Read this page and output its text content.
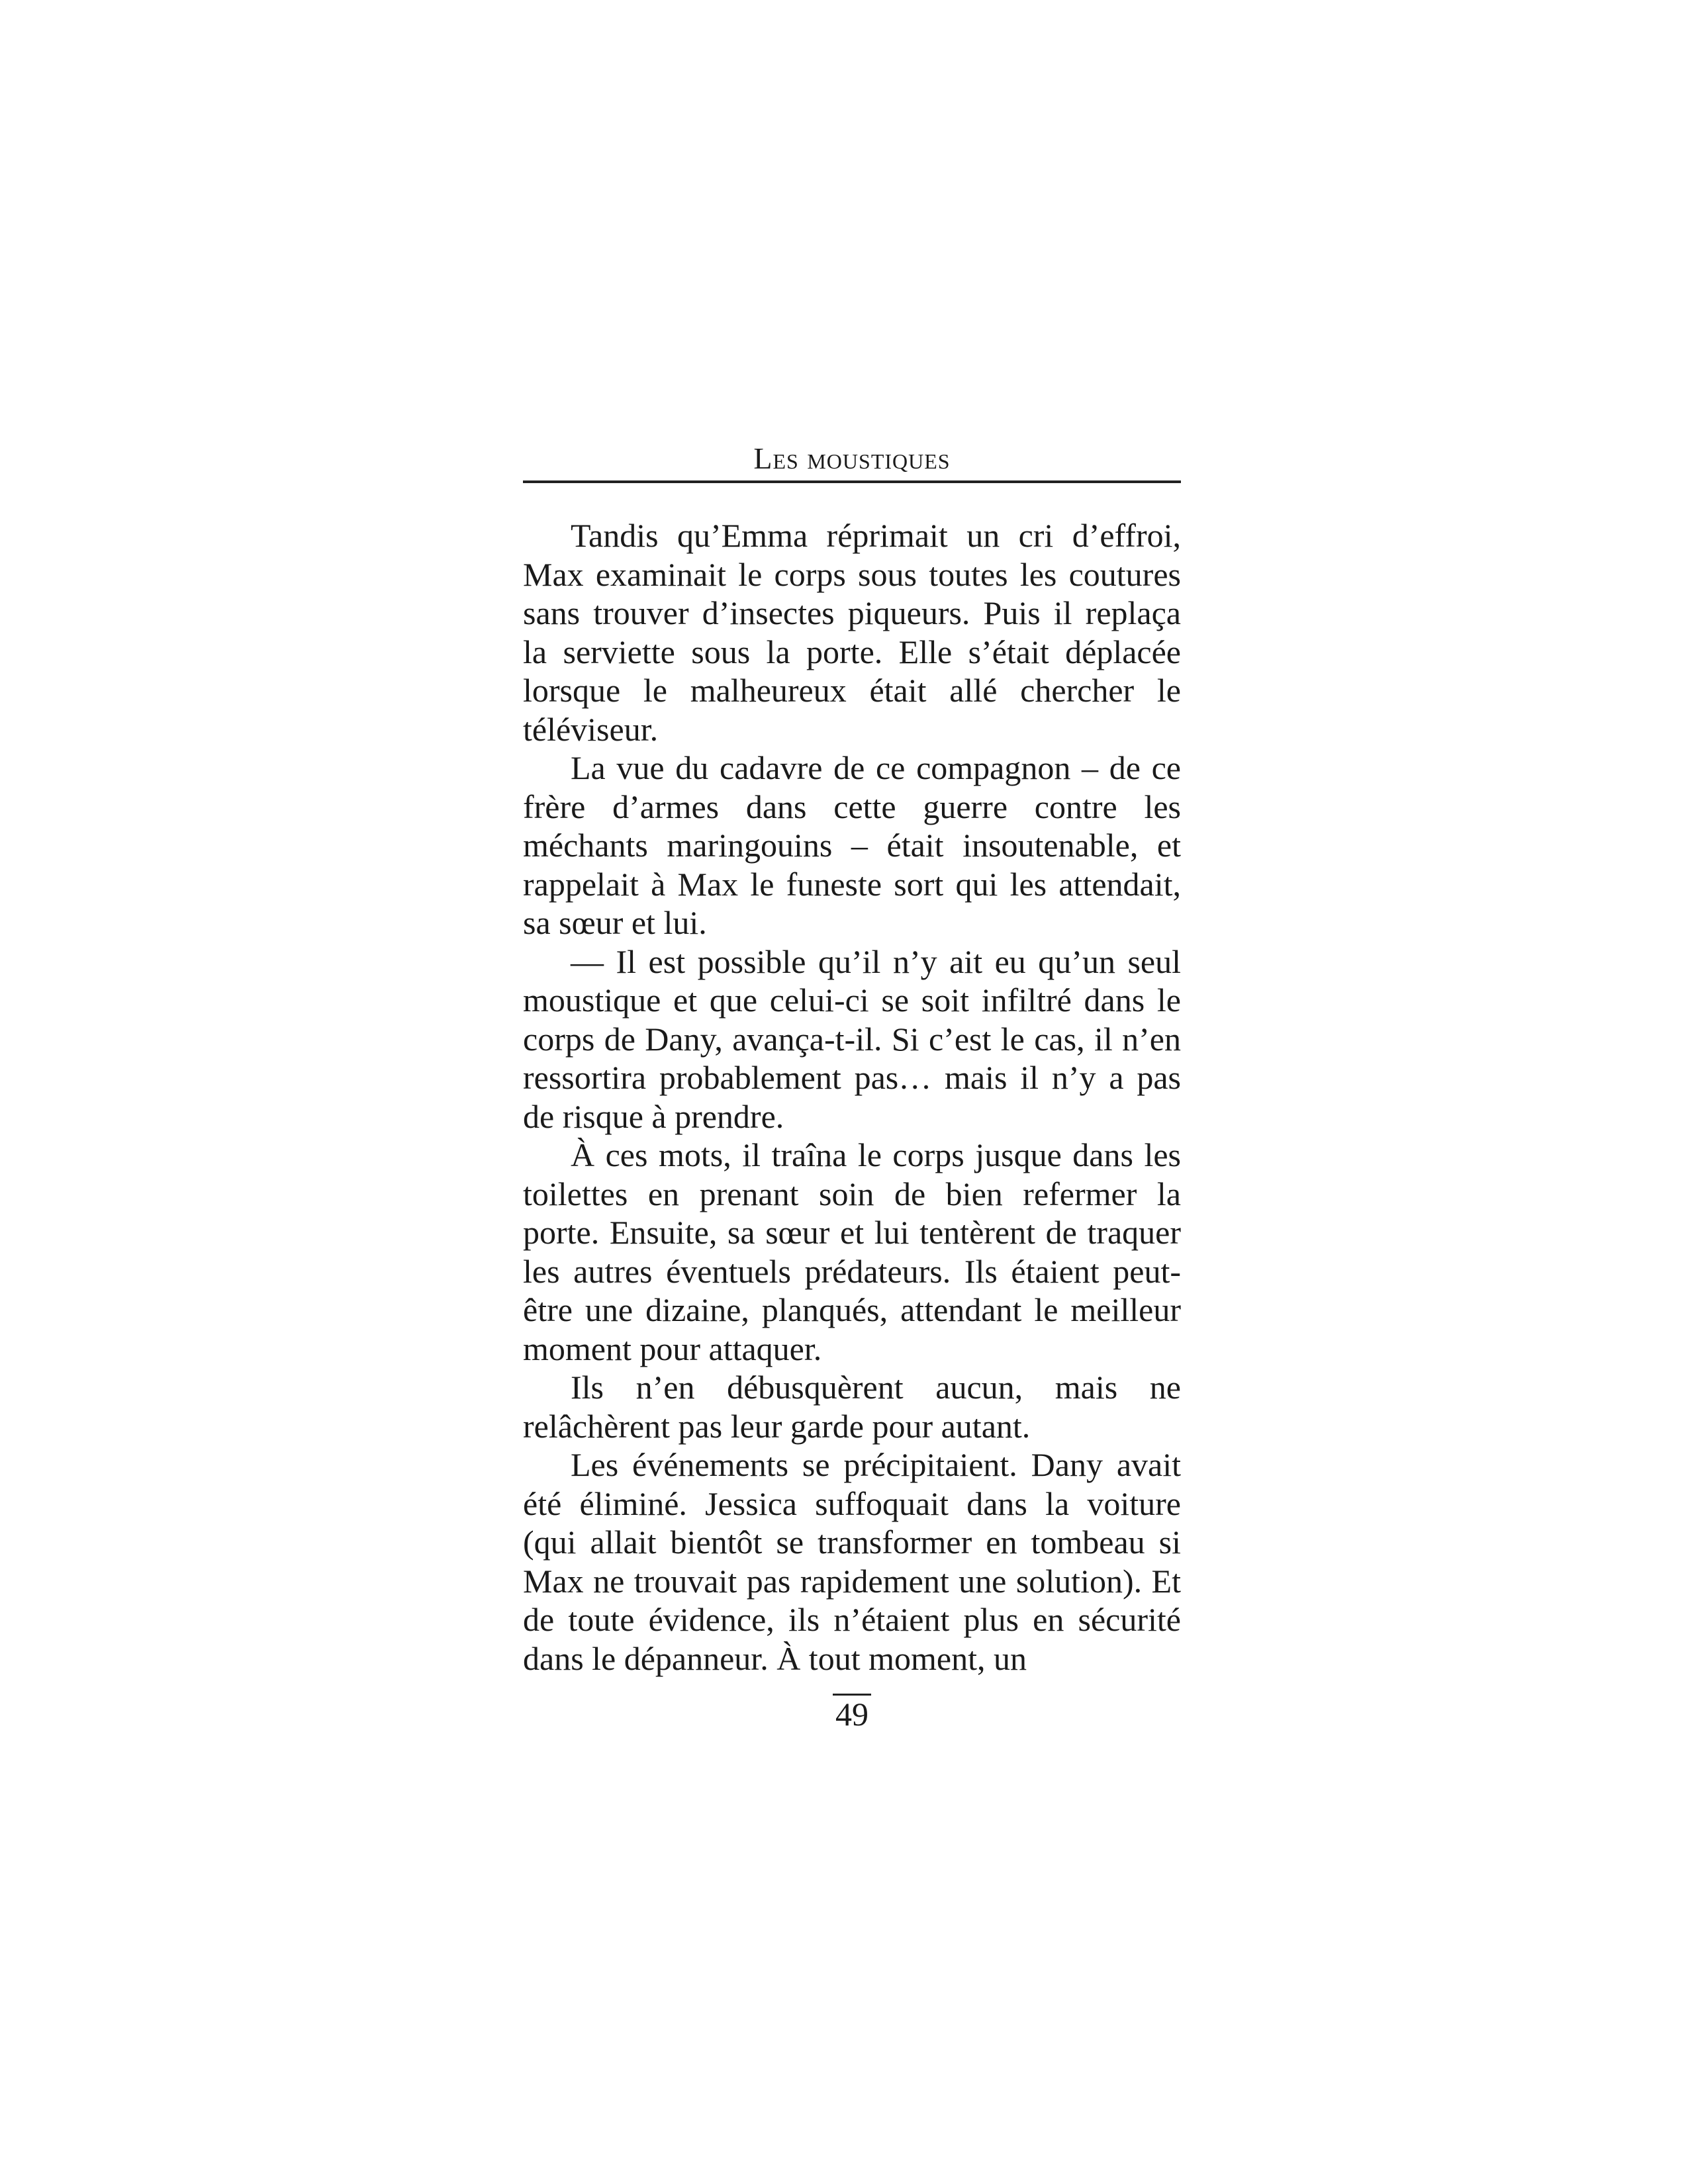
Les moustiques

Tandis qu’Emma réprimait un cri d’effroi, Max examinait le corps sous toutes les coutures sans trouver d’insectes piqueurs. Puis il replaça la serviette sous la porte. Elle s’était déplacée lorsque le malheureux était allé chercher le téléviseur.

La vue du cadavre de ce compagnon – de ce frère d’armes dans cette guerre contre les méchants maringouins – était insoutenable, et rappelait à Max le funeste sort qui les attendait, sa sœur et lui.

— Il est possible qu’il n’y ait eu qu’un seul moustique et que celui-ci se soit infiltré dans le corps de Dany, avança-t-il. Si c’est le cas, il n’en ressortira probablement pas… mais il n’y a pas de risque à prendre.

À ces mots, il traîna le corps jusque dans les toilettes en prenant soin de bien refermer la porte. Ensuite, sa sœur et lui tentèrent de traquer les autres éventuels prédateurs. Ils étaient peut-être une dizaine, planqués, attendant le meilleur moment pour attaquer.

Ils n’en débusquèrent aucun, mais ne relâchèrent pas leur garde pour autant.

Les événements se précipitaient. Dany avait été éliminé. Jessica suffoquait dans la voiture (qui allait bientôt se transformer en tombeau si Max ne trouvait pas rapidement une solution). Et de toute évidence, ils n’étaient plus en sécurité dans le dépanneur. À tout moment, un

49
